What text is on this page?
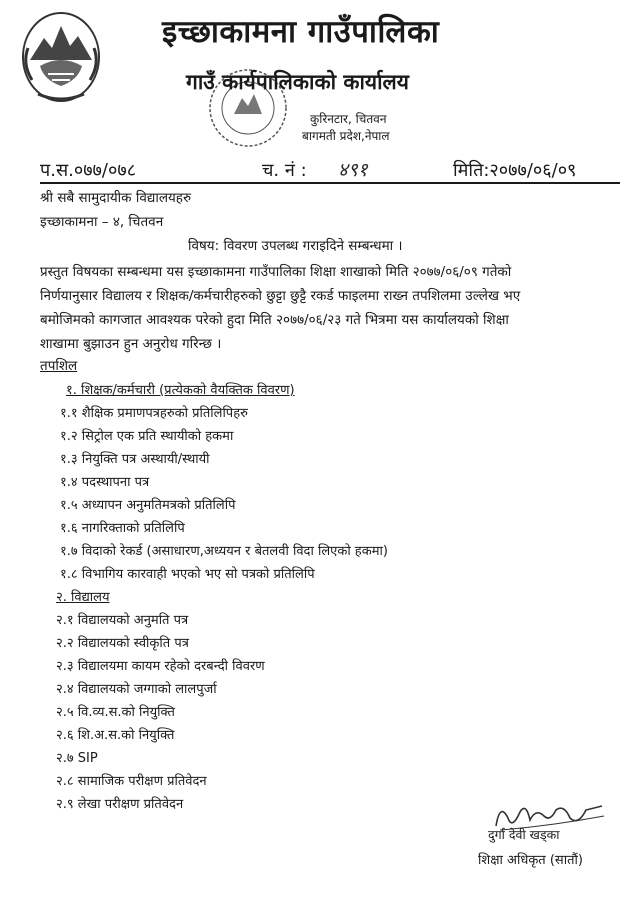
इच्छाकामना गाउँपालिका
गाउँ कार्यपालिकाको कार्यालय
कुरिनटार, चितवन
बागमती प्रदेश,नेपाल
प.स.०७७/०७८	च. नं : ४९१	मिति:२०७७/०६/०९
श्री सबै सामुदायीक विद्यालयहरु
इच्छाकामना – ४, चितवन
विषय: विवरण उपलब्ध गराइदिने सम्बन्धमा ।
प्रस्तुत विषयका सम्बन्धमा यस इच्छाकामना गाउँपालिका शिक्षा शाखाको मिति २०७७/०६/०९ गतेको
निर्णयानुसार विद्यालय र शिक्षक/कर्मचारीहरुको छुट्टा छुट्टै रकर्ड फाइलमा राख्न तपशिलमा उल्लेख भए
बमोजिमको कागजात आवश्यक परेको हुदा मिति २०७७/०६/२३ गते भित्रमा यस कार्यालयको शिक्षा
शाखामा बुझाउन हुन अनुरोध गरिन्छ ।
तपशिल
१. शिक्षक/कर्मचारी (प्रत्येकको वैयक्तिक विवरण)
१.१ शैक्षिक प्रमाणपत्रहरुको प्रतिलिपिहरु
१.२ सिट्रोल एक प्रति स्थायीको हकमा
१.३ नियुक्ति पत्र अस्थायी/स्थायी
१.४ पदस्थापना पत्र
१.५ अध्यापन अनुमतिमत्रको प्रतिलिपि
१.६ नागरिक्ताको प्रतिलिपि
१.७ विदाको रेकर्ड (असाधारण,अध्ययन र बेतलवी विदा लिएको हकमा)
१.८ विभागिय कारवाही भएको भए सो पत्रको प्रतिलिपि
२. विद्यालय
२.१ विद्यालयको अनुमति पत्र
२.२ विद्यालयको स्वीकृति पत्र
२.३ विद्यालयमा कायम रहेको दरबन्दी विवरण
२.४ विद्यालयको जग्गाको लालपुर्जा
२.५ वि.व्य.स.को नियुक्ति
२.६ शि.अ.स.को नियुक्ति
२.७ SIP
२.८ सामाजिक परीक्षण प्रतिवेदन
२.९ लेखा परीक्षण प्रतिवेदन
दुर्गा देवी खड्का
शिक्षा अधिकृत (सातौं)
